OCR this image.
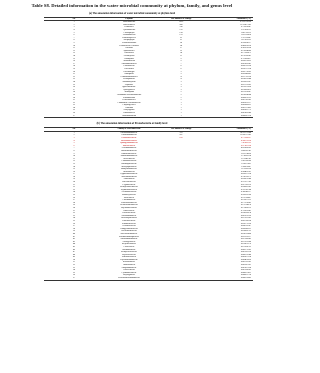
Table S8. Detailed information in the water microbial community at phylum, family, and genus level
(a) The annotation information of water microbial community at phylum level
No.	Phylum	The number of contigs	Abundance (%)
1	Proteobacteria	1959	67.83211650
2	Bacteroidetes	960	13.35497103
3	Firmicutes	786	6.72411047
4	Cyanobacteria	212	2.52168531
5	Chlorophyta	128	1.88715613
6	Actinobacteria	125	1.69370410
7	Planctomycetes	53	1.35112847
8	Streptophyta	31	1.07381953
9	Verrucomicrobia	30	0.92664217
10	Deinococcus-Thermus	24	0.48963010
11	Chlorobi	17	0.30291658
12	Spirochaetes	15	0.21834006
13	Chloroflexi	14	0.17590471
14	Ascomycota	11	0.12638341
15	Chlamydiae	9	0.11360437
16	Acidobacteria	9	0.09621852
17	Armatimonadetes	7	0.08183941
18	Fusobacteria	6	0.06612358
19	Tenericutes	6	0.05617314
20	Thermotogae	5	0.04772065
21	Nitrospirae	5	0.04146802
22	Gemmatimonadetes	4	0.03715528
23	Lentisphaerae	4	0.03052944
24	Basidiomycota	3	0.02681307
25	Aquificae	3	0.02317063
26	Ignavibacteriae	3	0.01957830
27	Synergistetes	3	0.01606412
28	Arthropoda	2	0.01352087
29	Candidatus Saccharibacteria	2	0.01094604
30	Elusimicrobia	2	0.00891522
31	Deferribacteres	2	0.00730185
32	Candidatus Gracilibacteria	1	0.00563217
33	Chrysiogenetes	1	0.00430851
34	Chordata	1	0.00317462
35	Dictyoglomi	1	0.00205773
36	Fibrobacteres	1	0.00109346
37	Thaumarchaeota	1	0.00047218
(b) The annotation information of Proteobacteria at family level
No.	Family of Proteobacteria	The number of contigs	Abundance (%)
1	Pseudomonadaceae	355	18.55273104
2	Comamonadaceae	287	13.20617382
3	Oxalobacteraceae	169	8.73150627
4	Enterobacteriaceae		8.34275910
5	Sphingomonadaceae		7.30185522
6	Moraxellaceae		6.97105138
7	Aeromonadaceae		4.41208365
8	Rhodobacteraceae		3.86620741
9	Burkholderiaceae		3.10274856
10	Xanthomonadaceae		2.73096314
11	Neisseriaceae		2.21540783
12	Caulobacteraceae		1.90318266
13	Rhodospirillaceae		1.55027491
14	Methylophilaceae		1.34261807
15	Bradyrhizobiaceae		1.12950338
16	Rhizobiaceae		0.98402561
17	Hyphomicrobiaceae		0.85837214
18	Alteromonadaceae		0.74913672
19	Vibrionaceae		0.62061548
20	Shewanellaceae		0.53127705
21	Legionellaceae		0.47316219
22	Methylobacteriaceae		0.41085382
23	Erythrobacteraceae		0.35210764
24	Acetobacteraceae		0.30648117
25	Rhodocyclaceae		0.26833590
26	Hahellaceae		0.23218467
27	Chromatiaceae		0.19967312
28	Piscirickettsiaceae		0.17521083
29	Desulfovibrionaceae		0.15214870
30	Phyllobacteriaceae		0.13308215
31	Brucellaceae		0.11563941
32	Francisellaceae		0.10056874
33	Halomonadaceae		0.08701536
34	Oceanospirillaceae		0.07592103
35	Pasteurellaceae		0.06518334
36	Sinobacteraceae		0.05671220
37	Geobacteraceae		0.04913587
38	Campylobacteraceae		0.04245021
39	Helicobacteraceae		0.03608752
40	Bdellovibrionaceae		0.03012468
41	Ectothiorhodospiraceae		0.02553917
42	Nitrosomonadaceae		0.02130645
43	Alcaligenaceae		0.01762308
44	Beijerinckiaceae		0.01451276
45	Coxiellaceae		0.01194753
46	Idiomarinaceae		0.00971265
47	Methylococcaceae		0.00785210
48	Myxococcaceae		0.00631540
49	Nitrobacteraceae		0.00507314
50	Psychromonadaceae		0.00401826
51	Rickettsiaceae		0.00315502
52	Thiotrichaceae		0.00247361
53	Anaplasmataceae		0.00187324
54	Colwelliaceae		0.00138502
55	Cystobacteraceae		0.00097451
56	Polyangiaceae		0.00062718
57	Pseudoalteromonadaceae		0.00031805
